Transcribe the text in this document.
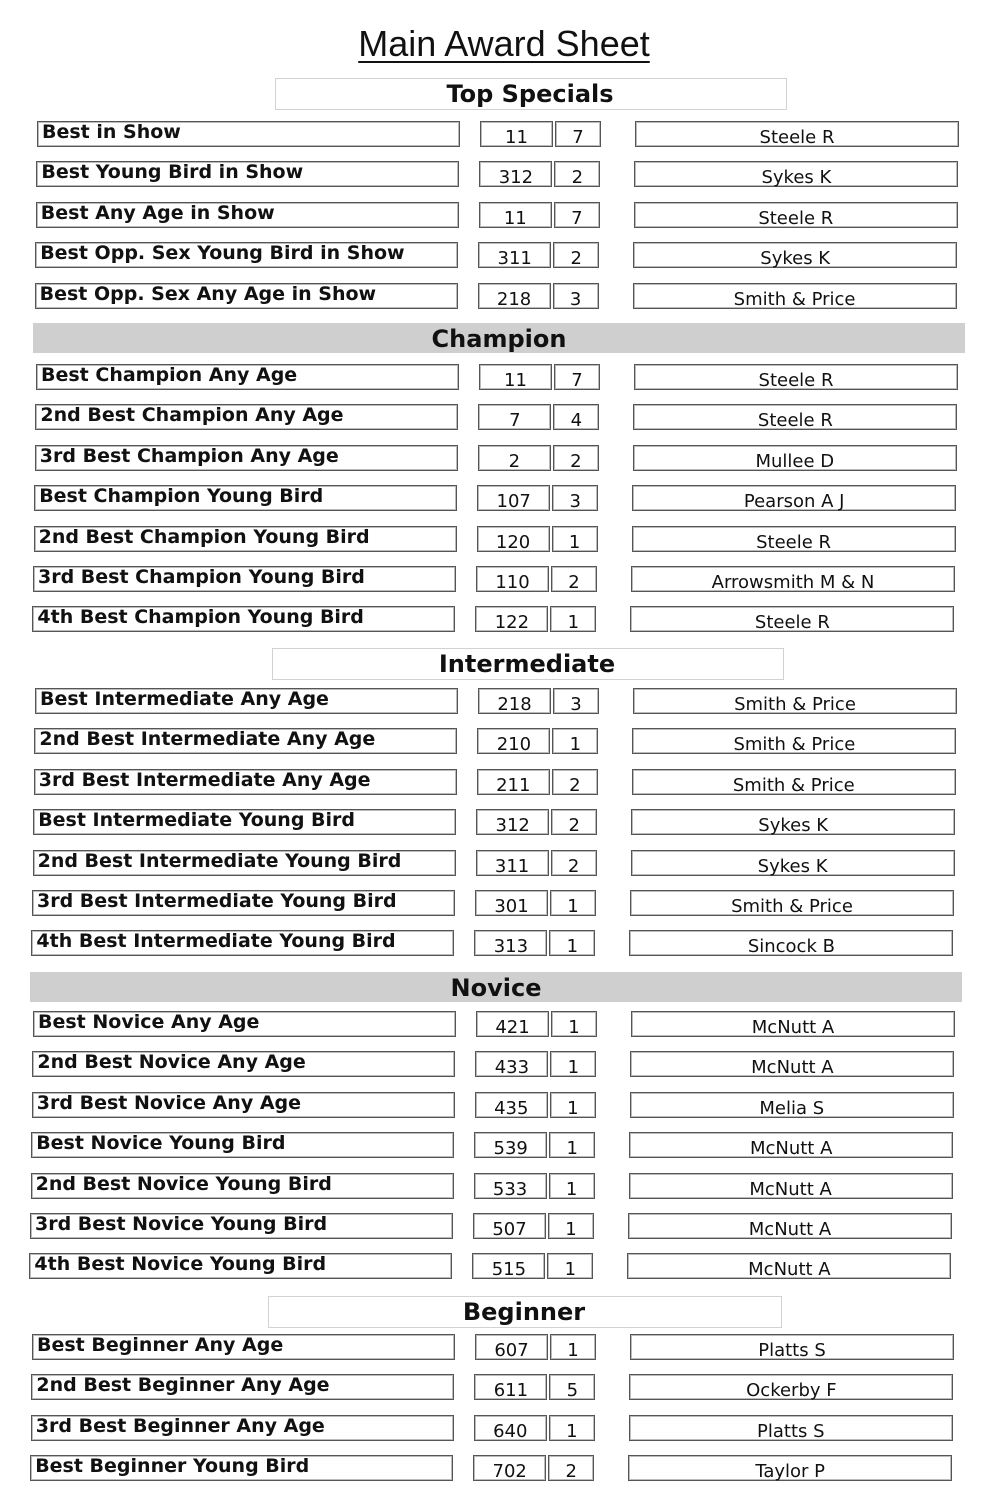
Main Award Sheet
Top Specials
Best in Show	11	7	Steele R
Best Young Bird in Show	312	2	Sykes K
Best Any Age in Show	11	7	Steele R
Best Opp. Sex Young Bird in Show	311	2	Sykes K
Best Opp. Sex Any Age in Show	218	3	Smith & Price
Champion
Best Champion Any Age	11	7	Steele R
2nd Best Champion Any Age	7	4	Steele R
3rd Best Champion Any Age	2	2	Mullee D
Best Champion Young Bird	107	3	Pearson A J
2nd Best Champion Young Bird	120	1	Steele R
3rd Best Champion Young Bird	110	2	Arrowsmith M & N
4th Best Champion Young Bird	122	1	Steele R
Intermediate
Best Intermediate Any Age	218	3	Smith & Price
2nd Best Intermediate Any Age	210	1	Smith & Price
3rd Best Intermediate Any Age	211	2	Smith & Price
Best Intermediate Young Bird	312	2	Sykes K
2nd Best Intermediate Young Bird	311	2	Sykes K
3rd Best Intermediate Young Bird	301	1	Smith & Price
4th Best Intermediate Young Bird	313	1	Sincock B
Novice
Best Novice Any Age	421	1	McNutt A
2nd Best Novice Any Age	433	1	McNutt A
3rd Best Novice Any Age	435	1	Melia S
Best Novice Young Bird	539	1	McNutt A
2nd Best Novice Young Bird	533	1	McNutt A
3rd Best Novice Young Bird	507	1	McNutt A
4th Best Novice Young Bird	515	1	McNutt A
Beginner
Best Beginner Any Age	607	1	Platts S
2nd Best Beginner Any Age	611	5	Ockerby F
3rd Best Beginner Any Age	640	1	Platts S
Best Beginner Young Bird	702	2	Taylor P
